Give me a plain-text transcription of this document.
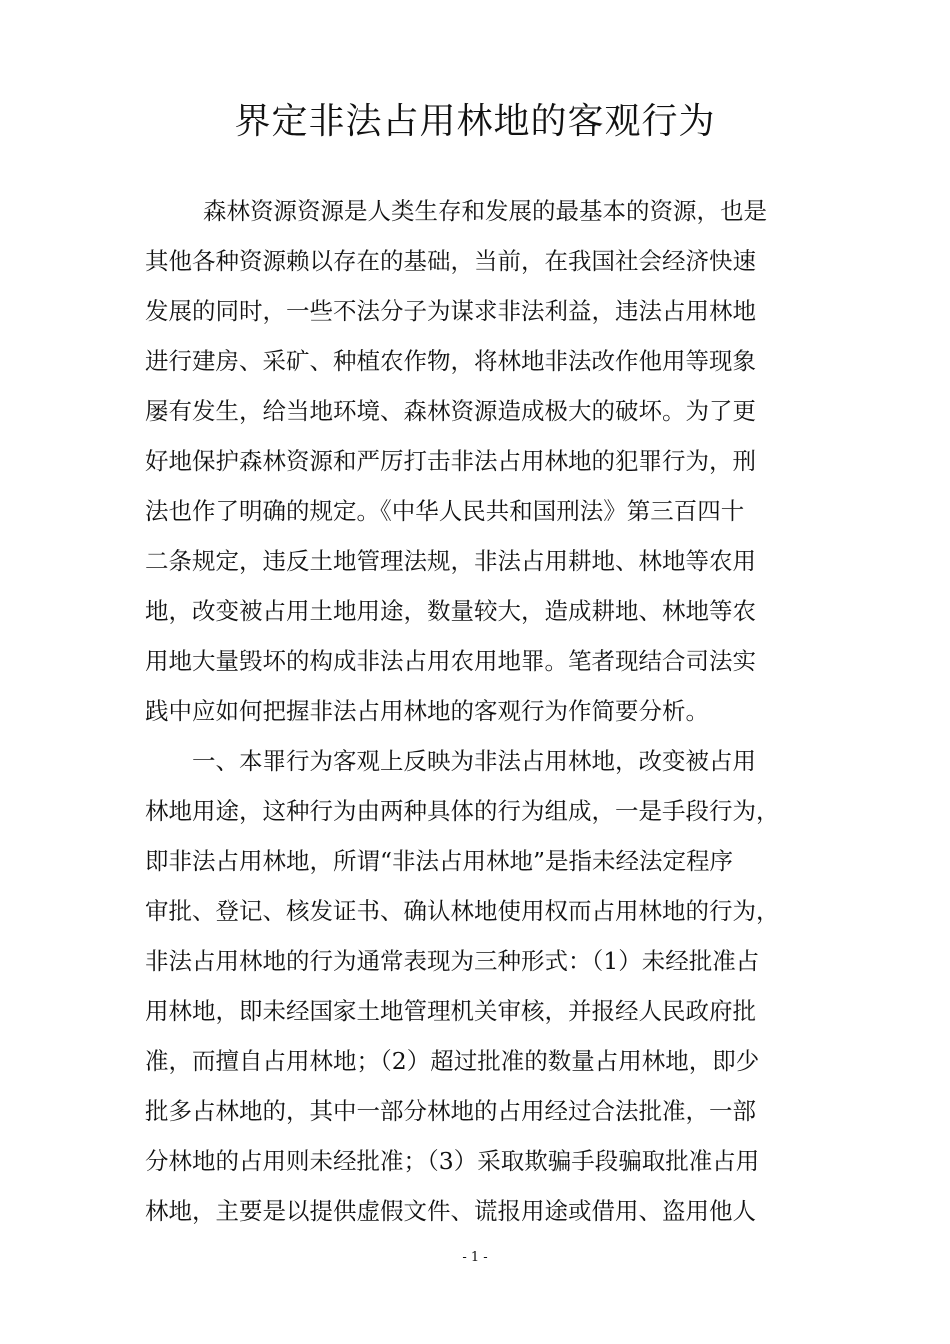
界定非法占用林地的客观行为
森林资源资源是人类生存和发展的最基本的资源，也是
其他各种资源赖以存在的基础，当前，在我国社会经济快速
发展的同时，一些不法分子为谋求非法利益，违法占用林地
进行建房、采矿、种植农作物，将林地非法改作他用等现象
屡有发生，给当地环境、森林资源造成极大的破坏。为了更
好地保护森林资源和严厉打击非法占用林地的犯罪行为，刑
法也作了明确的规定。《中华人民共和国刑法》第三百四十
二条规定，违反土地管理法规，非法占用耕地、林地等农用
地，改变被占用土地用途，数量较大，造成耕地、林地等农
用地大量毁坏的构成非法占用农用地罪。笔者现结合司法实
践中应如何把握非法占用林地的客观行为作简要分析。
一、本罪行为客观上反映为非法占用林地，改变被占用
林地用途，这种行为由两种具体的行为组成，一是手段行为，
即非法占用林地，所谓“非法占用林地”是指未经法定程序
审批、登记、核发证书、确认林地使用权而占用林地的行为，
非法占用林地的行为通常表现为三种形式：（1）未经批准占
用林地，即未经国家土地管理机关审核，并报经人民政府批
准，而擅自占用林地；（2）超过批准的数量占用林地，即少
批多占林地的，其中一部分林地的占用经过合法批准，一部
分林地的占用则未经批准；（3）采取欺骗手段骗取批准占用
林地，主要是以提供虚假文件、谎报用途或借用、盗用他人
- 1 -
